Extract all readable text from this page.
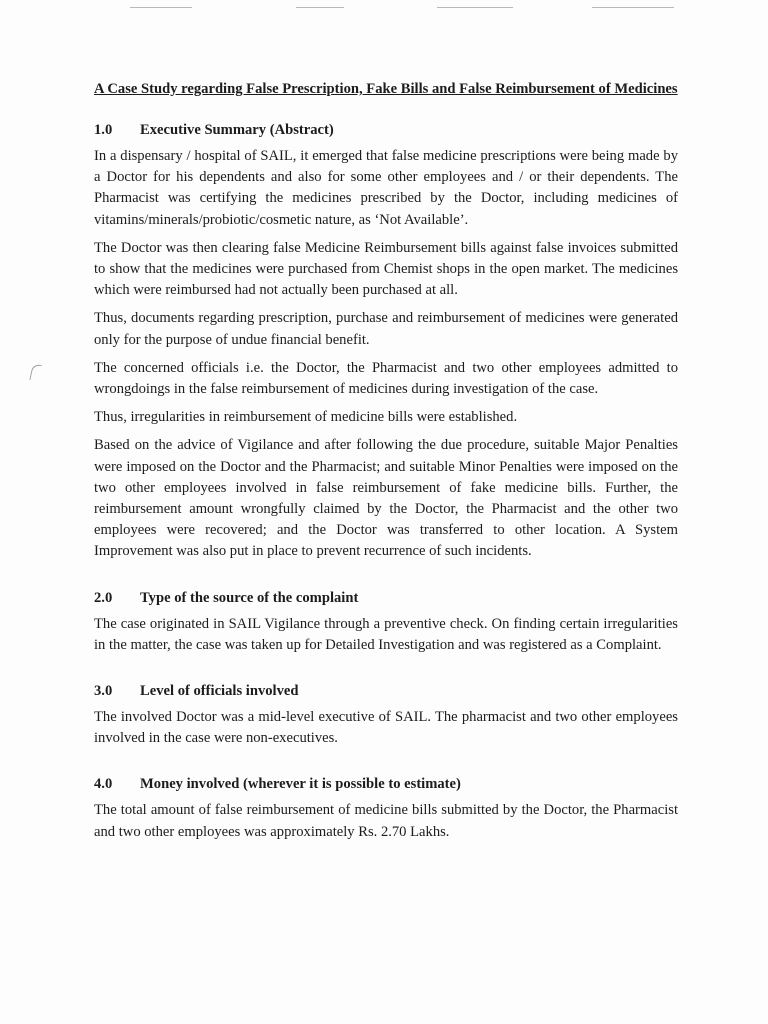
A Case Study regarding False Prescription, Fake Bills and False Reimbursement of Medicines
1.0 Executive Summary (Abstract)

In a dispensary / hospital of SAIL, it emerged that false medicine prescriptions were being made by a Doctor for his dependents and also for some other employees and / or their dependents. The Pharmacist was certifying the medicines prescribed by the Doctor, including medicines of vitamins/minerals/probiotic/cosmetic nature, as ‘Not Available’.

The Doctor was then clearing false Medicine Reimbursement bills against false invoices submitted to show that the medicines were purchased from Chemist shops in the open market. The medicines which were reimbursed had not actually been purchased at all.

Thus, documents regarding prescription, purchase and reimbursement of medicines were generated only for the purpose of undue financial benefit.

The concerned officials i.e. the Doctor, the Pharmacist and two other employees admitted to wrongdoings in the false reimbursement of medicines during investigation of the case.

Thus, irregularities in reimbursement of medicine bills were established.

Based on the advice of Vigilance and after following the due procedure, suitable Major Penalties were imposed on the Doctor and the Pharmacist; and suitable Minor Penalties were imposed on the two other employees involved in false reimbursement of fake medicine bills. Further, the reimbursement amount wrongfully claimed by the Doctor, the Pharmacist and the other two employees were recovered; and the Doctor was transferred to other location. A System Improvement was also put in place to prevent recurrence of such incidents.

2.0 Type of the source of the complaint

The case originated in SAIL Vigilance through a preventive check. On finding certain irregularities in the matter, the case was taken up for Detailed Investigation and was registered as a Complaint.

3.0 Level of officials involved

The involved Doctor was a mid-level executive of SAIL. The pharmacist and two other employees involved in the case were non-executives.

4.0 Money involved (wherever it is possible to estimate)

The total amount of false reimbursement of medicine bills submitted by the Doctor, the Pharmacist and two other employees was approximately Rs. 2.70 Lakhs.
